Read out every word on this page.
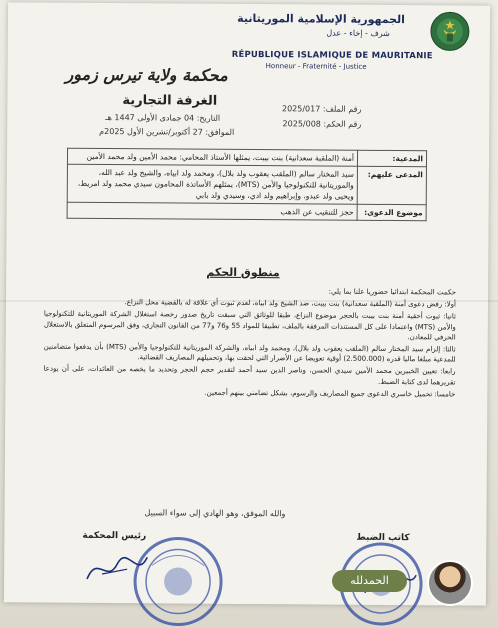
الجمهورية الإسلامية الموريتانية
شرف - إخاء - عدل
RÉPUBLIQUE ISLAMIQUE DE MAURITANIE
Honneur - Fraternité - Justice
محكمة ولاية تيرس زمور
الغرفة التجارية
التاريخ: 04 جمادى الأولى 1447 هـ
الموافق: 27 أكتوبر/تشرين الأول 2025م
رقم الملف: 2025/017
رقم الحكم: 2025/008
المدعية:	أمنة (الملقبة سعدانية) بنت بيبت، يمثلها الأستاذ المحامي: محمد الأمين ولد محمد الأمين
المدعى عليهم:	سيد المختار سالم (الملقب يعقوب ولد بلال)، ومحمد ولد ابياه، والشيخ ولد عبد الله، والموريتانية للتكنولوجيا والأمن (MTS)، يمثلهم الأساتذة المحامون سيدي محمد ولد امريط، ويحيى ولد عبدو، وإبراهيم ولد ادي، وسيدي ولد بابي
موضوع الدعوى:	حجز للتنقيب عن الذهب
منطوق الحكم

حكمت المحكمة ابتدائيا حضوريا علنا بما يلي:

أولا: رفض دعوى أمنة (الملقبة سعدانية) بنت بيبت، ضد الشيخ ولد ابياه، لعدم ثبوت أي علاقة له بالقضية محل النزاع.

ثانيا: ثبوت أحقية أمنة بنت بيبت بالحجر موضوع النزاع، طبقا للوثائق التي سبقت تاريخ صدور رخصة استغلال الشركة الموريتانية للتكنولوجيا والأمن (MTS) واعتمادا على كل المستندات المرفقة بالملف، تطبيقا للمواد 55 و76 و77 من القانون التجاري، وفق المرسوم المتعلق بالاستغلال الحرفي للمعادن.

ثالثا: إلزام سيد المختار سالم (الملقب يعقوب ولد بلال)، ومحمد ولد ابياه، والشركة الموريتانية للتكنولوجيا والأمن (MTS) بأن يدفعوا متضامنين للمدعية مبلغا ماليا قدره (2.500.000) أوقية تعويضا عن الأضرار التي لحقت بها، وتحميلهم المصاريف القضائية.

رابعا: تعيين الخبيرين محمد الأمين سيدي الحسن، وناصر الدين سيد أحمد لتقدير حجم الحجر وتحديد ما يخصه من العائدات، على أن يودعا تقريرهما لدى كتابة الضبط.

خامسا: تحميل خاسري الدعوى جميع المصاريف والرسوم، بشكل تضامني بينهم أجمعين.

والله الموفق، وهو الهادي إلى سواء السبيل
رئيس المحكمة	كاتب الضبط
الحمدلله
